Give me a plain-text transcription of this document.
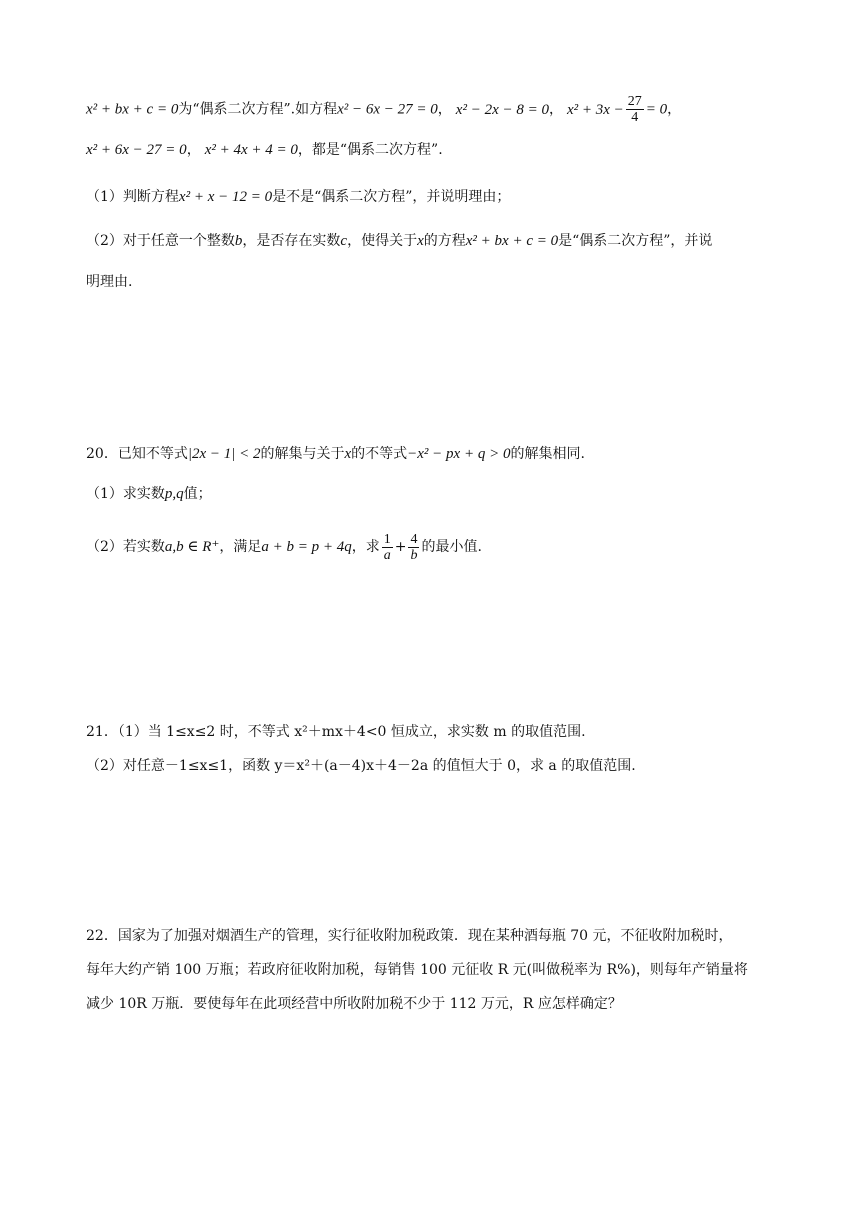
x² + bx + c = 0为“偶系二次方程”.如方程x² − 6x − 27 = 0， x² − 2x − 8 = 0， $x^2 + 3x - \frac{27}{4} = 0$，
x² + 6x − 27 = 0， x² + 4x + 4 = 0，都是“偶系二次方程”.
（1）判断方程x² + x − 12 = 0是不是“偶系二次方程”，并说明理由；
（2）对于任意一个整数b，是否存在实数c，使得关于x的方程x² + bx + c = 0是“偶系二次方程”，并说
明理由.
20．已知不等式|2x − 1| < 2的解集与关于x的不等式−x² − px + q > 0的解集相同.
（1）求实数p,q值；
（2）若实数a,b ∈ R⁺，满足a + b = p + 4q，求 $\frac{1}{a} + \frac{4}{b}$ 的最小值.
21．（1）当 1≤x≤2 时，不等式 x²＋mx＋4<0 恒成立，求实数 m 的取值范围.
（2）对任意－1≤x≤1，函数 y＝x²＋(a－4)x＋4－2a 的值恒大于 0，求 a 的取值范围.
22．国家为了加强对烟酒生产的管理，实行征收附加税政策．现在某种酒每瓶 70 元，不征收附加税时，
每年大约产销 100 万瓶；若政府征收附加税，每销售 100 元征收 R 元(叫做税率为 R%)，则每年产销量将
减少 10R 万瓶．要使每年在此项经营中所收附加税不少于 112 万元，R 应怎样确定？
